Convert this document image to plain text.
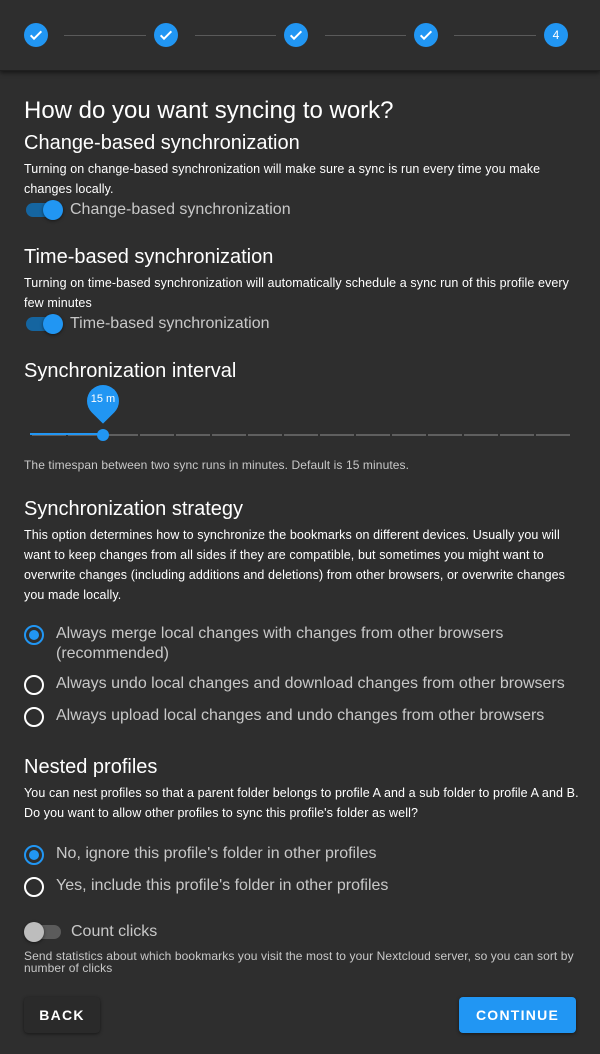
4
How do you want syncing to work?
Change-based synchronization
Turning on change-based synchronization will make sure a sync is run every time you make changes locally.
Change-based synchronization
Time-based synchronization
Turning on time-based synchronization will automatically schedule a sync run of this profile every few minutes
Time-based synchronization
Synchronization interval
15 m
The timespan between two sync runs in minutes. Default is 15 minutes.
Synchronization strategy
This option determines how to synchronize the bookmarks on different devices. Usually you will want to keep changes from all sides if they are compatible, but sometimes you might want to overwrite changes (including additions and deletions) from other browsers, or overwrite changes you made locally.
Always merge local changes with changes from other browsers (recommended)
Always undo local changes and download changes from other browsers
Always upload local changes and undo changes from other browsers
Nested profiles
You can nest profiles so that a parent folder belongs to profile A and a sub folder to profile A and B. Do you want to allow other profiles to sync this profile's folder as well?
No, ignore this profile's folder in other profiles
Yes, include this profile's folder in other profiles
Count clicks
Send statistics about which bookmarks you visit the most to your Nextcloud server, so you can sort by number of clicks
BACK	CONTINUE
